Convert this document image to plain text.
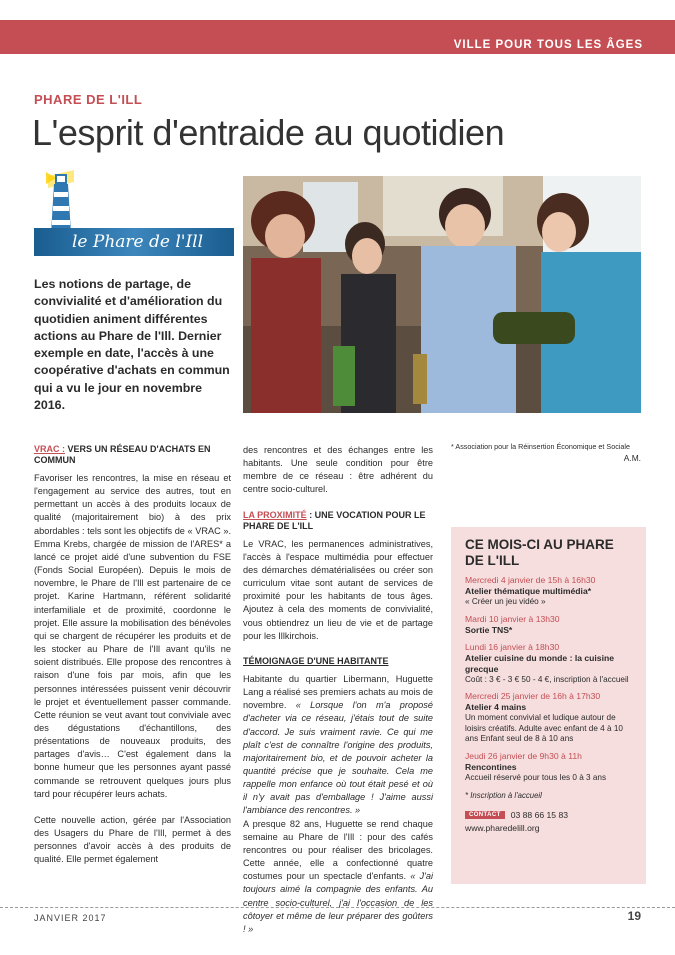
VILLE POUR TOUS LES ÂGES
PHARE DE L'ILL
L'esprit d'entraide au quotidien
le Phare de l'Ill

Les notions de partage, de convivialité et d'amélioration du quotidien animent différentes actions au Phare de l'Ill. Dernier exemple en date, l'accès à une coopérative d'achats en commun qui a vu le jour en novembre 2016.

VRAC : VERS UN RÉSEAU D'ACHATS EN COMMUN

Favoriser les rencontres, la mise en réseau et l'engagement au service des autres, tout en permettant un accès à des produits locaux de qualité (majoritairement bio) à des prix abordables : tels sont les objectifs de « VRAC ». Emma Krebs, chargée de mission de l'ARES* a lancé ce projet aidé d'une subvention du FSE (Fonds Social Européen). Depuis le mois de novembre, le Phare de l'Ill est partenaire de ce projet. Karine Hartmann, référent solidarité interfamiliale et de proximité, coordonne le projet. Elle assure la mobilisation des bénévoles qui se chargent de récupérer les produits et de les stocker au Phare de l'Ill avant qu'ils ne soient distribués. Elle propose des rencontres à raison d'une fois par mois, afin que les personnes intéressées puissent venir découvrir le projet et éventuellement passer commande. Cette réunion se veut avant tout conviviale avec des dégustations d'échantillons, des présentations de nouveaux produits, des partages d'avis… C'est également dans la bonne humeur que les personnes ayant passé commande se retrouvent quelques jours plus tard pour récupérer leurs achats.

Cette nouvelle action, gérée par l'Association des Usagers du Phare de l'Ill, permet à des personnes d'avoir accès à des produits de qualité. Elle permet également

des rencontres et des échanges entre les habitants. Une seule condition pour être membre de ce réseau : être adhérent du centre socio-culturel.

LA PROXIMITÉ : UNE VOCATION POUR LE PHARE DE L'ILL

Le VRAC, les permanences administratives, l'accès à l'espace multimédia pour effectuer des démarches dématérialisées ou créer son curriculum vitae sont autant de services de proximité pour les habitants de tous âges. Ajoutez à cela des moments de convivialité, vous obtiendrez un lieu de vie et de partage pour les Illkirchois.

TÉMOIGNAGE D'UNE HABITANTE

Habitante du quartier Libermann, Huguette Lang a réalisé ses premiers achats au mois de novembre. « Lorsque l'on m'a proposé d'acheter via ce réseau, j'étais tout de suite d'accord. Je suis vraiment ravie. Ce qui me plaît c'est de connaître l'origine des produits, majoritairement bio, et de pouvoir acheter la quantité précise que je souhaite. Cela me rappelle mon enfance où tout était pesé et où il n'y avait pas d'emballage ! J'aime aussi l'ambiance des rencontres. »

A presque 82 ans, Huguette se rend chaque semaine au Phare de l'Ill : pour des cafés rencontres ou pour réaliser des bricolages. Cette année, elle a confectionné quatre costumes pour un spectacle d'enfants. « J'ai toujours aimé la compagnie des enfants. Au centre socio-culturel, j'ai l'occasion de les côtoyer et même de leur préparer des goûters ! »

* Association pour la Réinsertion Économique et Sociale

A.M.

CE MOIS-CI AU PHARE DE L'ILL
Mercredi 4 janvier de 15h à 16h30
Atelier thématique multimédia*
« Créer un jeu vidéo »
Mardi 10 janvier à 13h30
Sortie TNS*
Lundi 16 janvier à 18h30
Atelier cuisine du monde : la cuisine grecque
Coût : 3 € - 3 € 50 - 4 €, inscription à l'accueil
Mercredi 25 janvier de 16h à 17h30
Atelier 4 mains
Un moment convivial et ludique autour de loisirs créatifs. Adulte avec enfant de 4 à 10 ans Enfant seul de 8 à 10 ans
Jeudi 26 janvier de 9h30 à 11h
Rencontines
Accueil réservé pour tous les 0 à 3 ans
* Inscription à l'accueil
CONTACT	03 88 66 15 83
www.pharedelill.org
JANVIER 2017	19
